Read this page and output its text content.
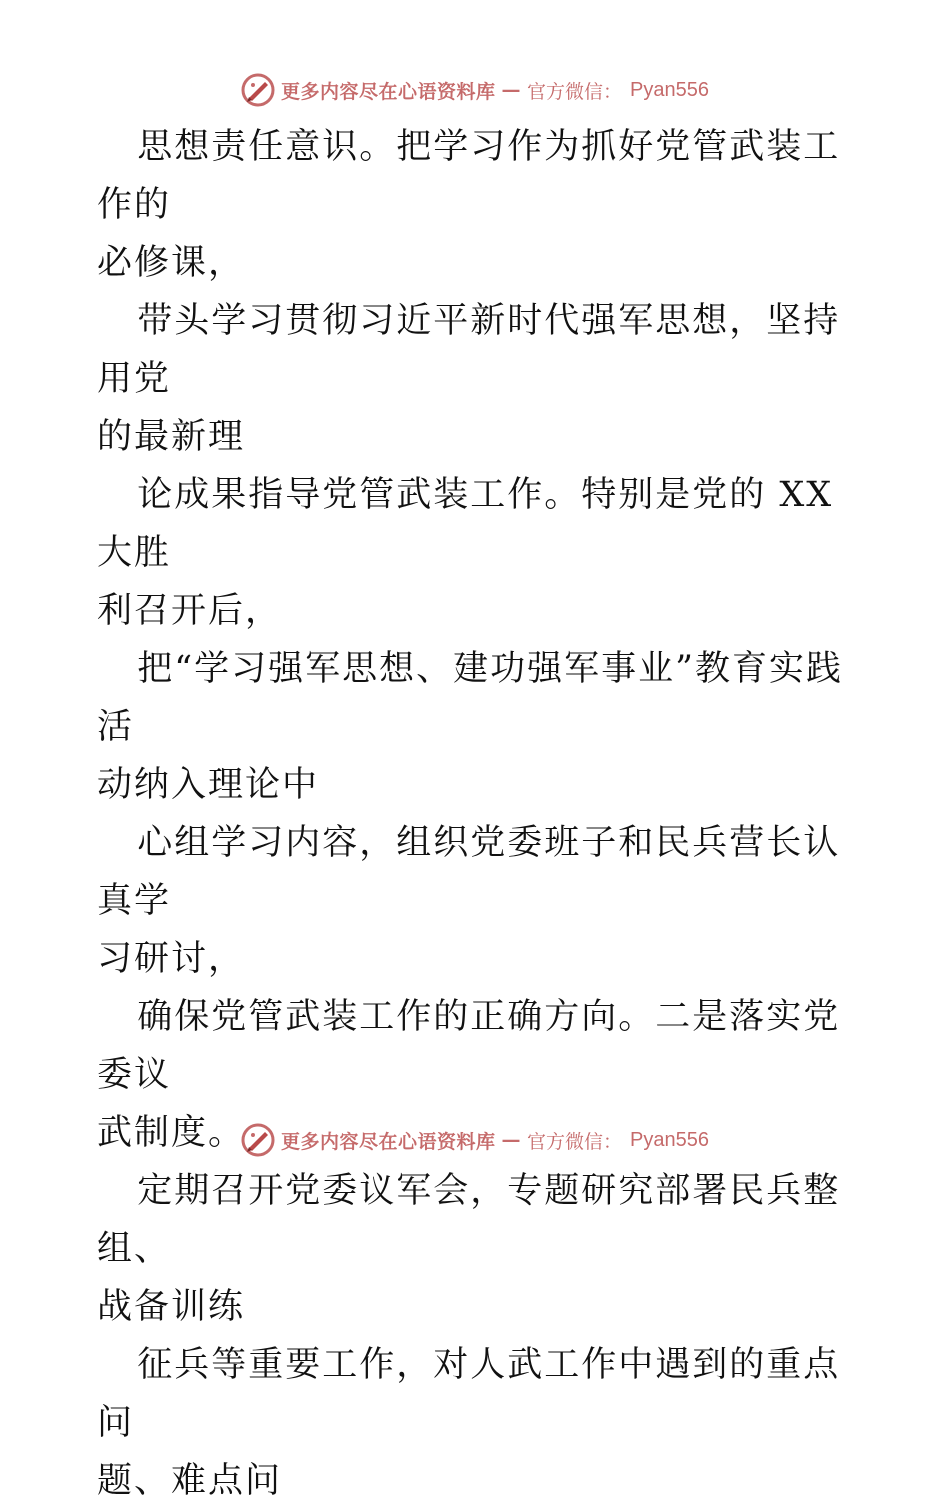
更多内容尽在心语资料库 — 官方微信： Pyan556

思想责任意识。把学习作为抓好党管武装工作的

必修课，

带头学习贯彻习近平新时代强军思想，坚持用党

的最新理

论成果指导党管武装工作。特别是党的 XX 大胜

利召开后，

把“学习强军思想、建功强军事业”教育实践活

动纳入理论中

心组学习内容，组织党委班子和民兵营长认真学

习研讨，

确保党管武装工作的正确方向。二是落实党委议

武制度。

定期召开党委议军会，专题研究部署民兵整组、

战备训练

征兵等重要工作，对人武工作中遇到的重点问

题、难点问

更多内容尽在心语资料库 — 官方微信： Pyan556
